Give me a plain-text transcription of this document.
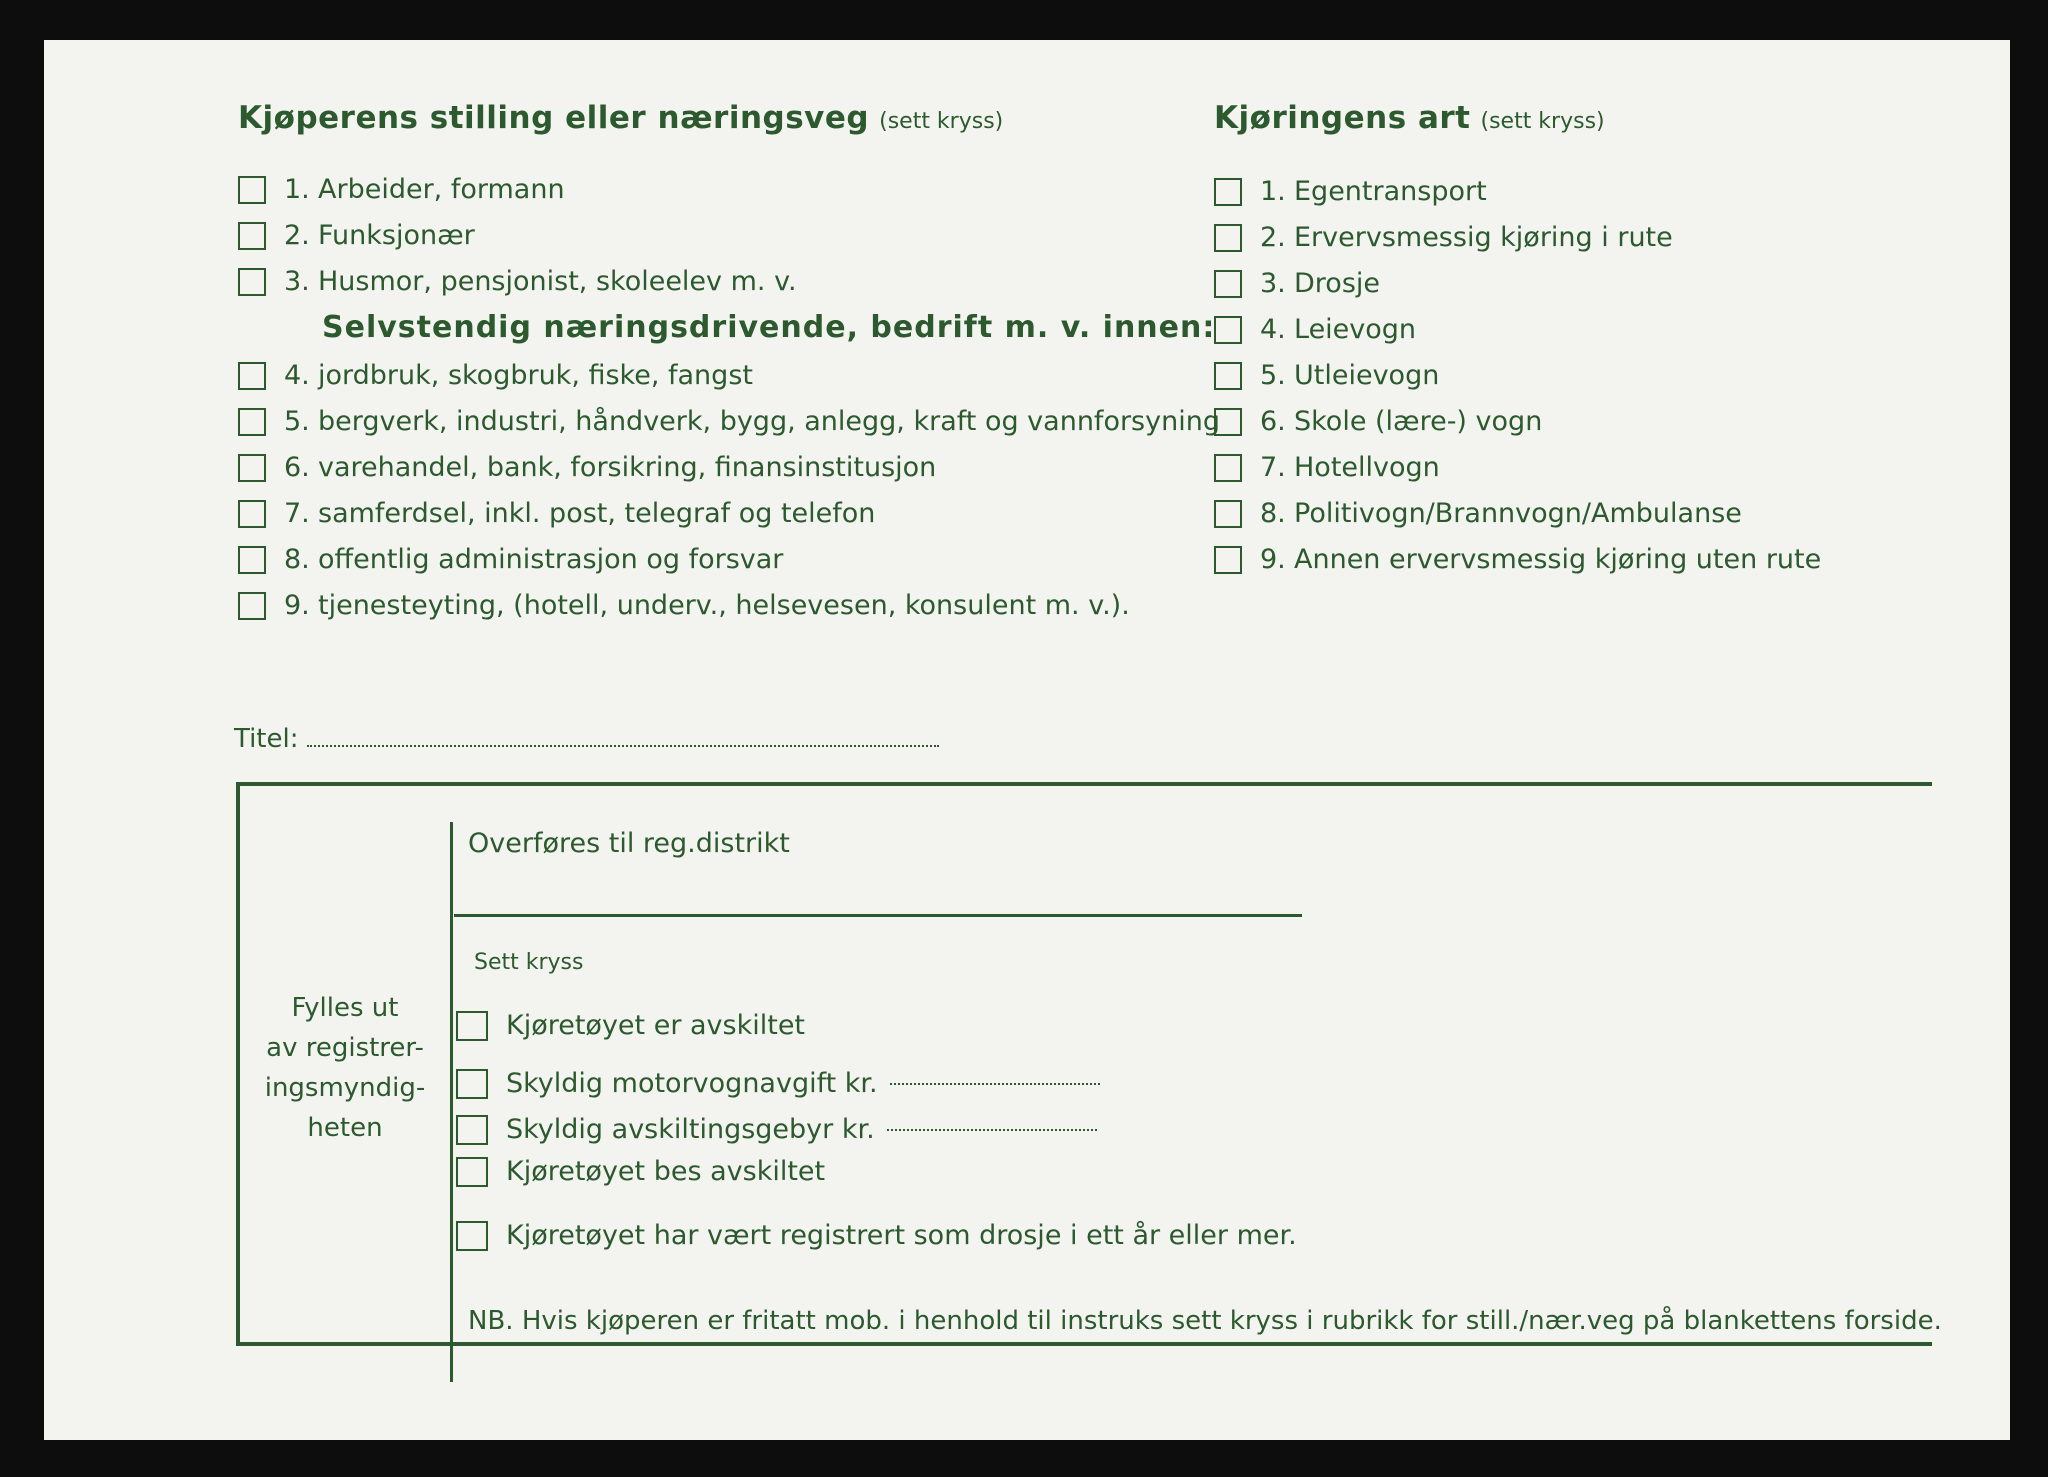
Kjøperens stilling eller næringsveg (sett kryss)
1. Arbeider, formann
2. Funksjonær
3. Husmor, pensjonist, skoleelev m. v.
Selvstendig næringsdrivende, bedrift m. v. innen:
4. jordbruk, skogbruk, fiske, fangst
5. bergverk, industri, håndverk, bygg, anlegg, kraft og vannforsyning
6. varehandel, bank, forsikring, finansinstitusjon
7. samferdsel, inkl. post, telegraf og telefon
8. offentlig administrasjon og forsvar
9. tjenesteyting, (hotell, underv., helsevesen, konsulent m. v.).
Kjøringens art (sett kryss)
1. Egentransport
2. Ervervsmessig kjøring i rute
3. Drosje
4. Leievogn
5. Utleievogn
6. Skole (lære-) vogn
7. Hotellvogn
8. Politivogn/Brannvogn/Ambulanse
9. Annen ervervsmessig kjøring uten rute
Titel:
Fylles ut
av registrer-
ingsmyndig-
heten
Overføres til reg.distrikt
Sett kryss
Kjøretøyet er avskiltet
Skyldig motorvognavgift kr.
Skyldig avskiltingsgebyr kr.
Kjøretøyet bes avskiltet
Kjøretøyet har vært registrert som drosje i ett år eller mer.
NB. Hvis kjøperen er fritatt mob. i henhold til instruks sett kryss i rubrikk for still./nær.veg på blankettens forside.
